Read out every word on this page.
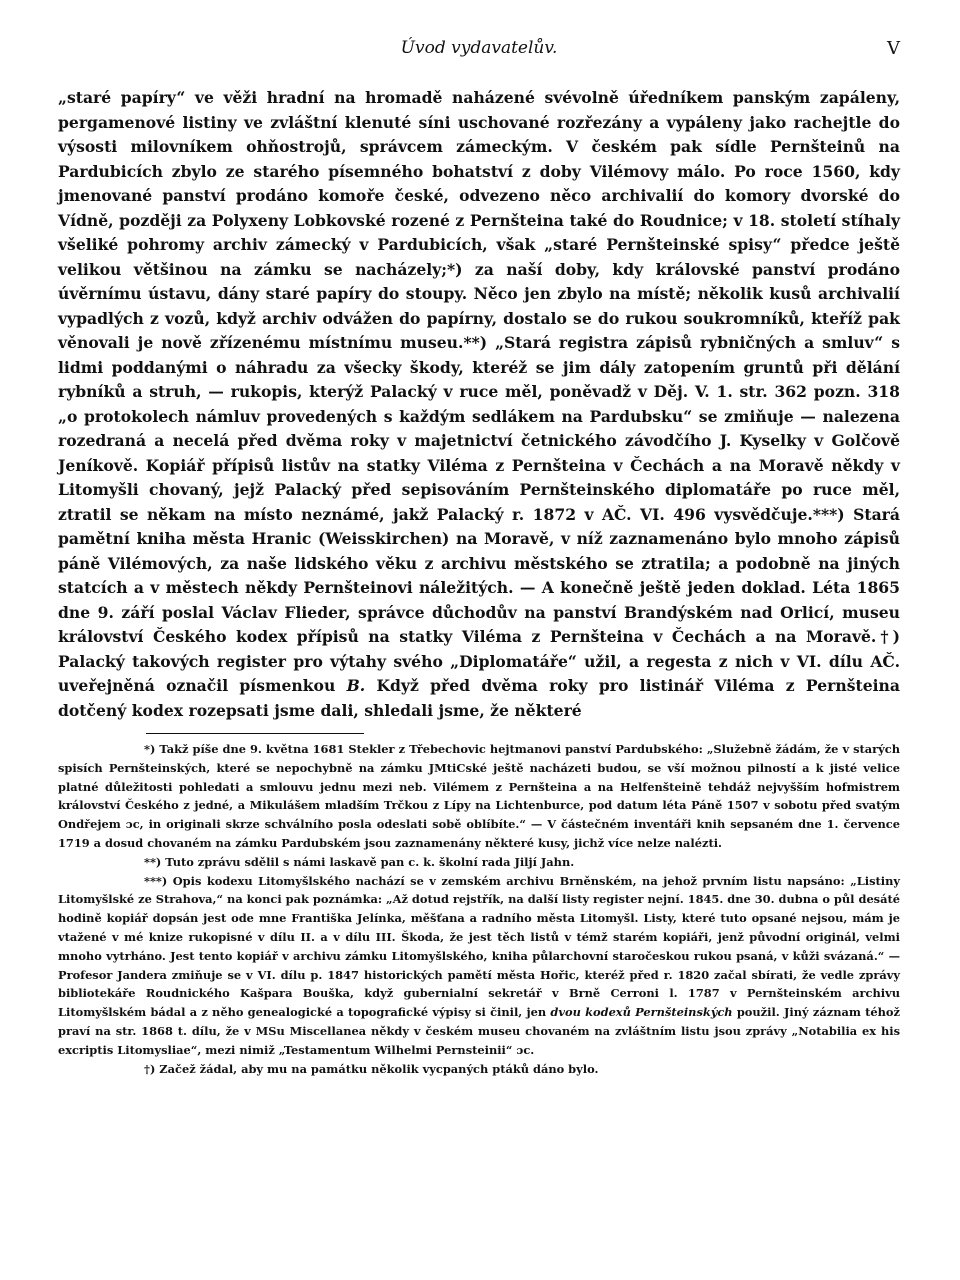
Úvod vydavatelův.	V
„staré papíry“ ve věži hradní na hromadě naházené svévolně úředníkem panským zapáleny, pergamenové listiny ve zvláštní klenuté síni uschované rozřezány a vypáleny jako rachejtle do výsosti milovníkem ohňostrojů, správcem zámeckým. V českém pak sídle Pernšteinů na Pardubicích zbylo ze starého písemného bohatství z doby Vilémovy málo. Po roce 1560, kdy jmenované panství prodáno komoře české, odvezeno něco archivalií do komory dvorské do Vídně, později za Polyxeny Lobkovské rozené z Pernšteina také do Roudnice; v 18. století stíhaly všeliké pohromy archiv zámecký v Pardubicích, však „staré Pernšteinské spisy“ předce ještě velikou většinou na zámku se nacházely;*) za naší doby, kdy královské panství prodáno úvěrnímu ústavu, dány staré papíry do stoupy. Něco jen zbylo na místě; několik kusů archivalií vypadlých z vozů, když archiv odvážen do papírny, dostalo se do rukou soukromníků, kteříž pak věnovali je nově zřízenému místnímu museu.**) „Stará registra zápisů rybničných a smluv“ s lidmi poddanými o náhradu za všecky škody, kteréž se jim dály zatopením gruntů při dělání rybníků a struh, — rukopis, kterýž Palacký v ruce měl, poněvadž v Děj. V. 1. str. 362 pozn. 318 „o protokolech námluv provedených s každým sedlákem na Pardubsku“ se zmiňuje — nalezena rozedraná a necelá před dvěma roky v majetnictví četnického závodčího J. Kyselky v Golčově Jeníkově. Kopiář přípisů listův na statky Viléma z Pernšteina v Čechách a na Moravě někdy v Litomyšli chovaný, jejž Palacký před sepisováním Pernšteinského diplomatáře po ruce měl, ztratil se někam na místo neznámé, jakž Palacký r. 1872 v AČ. VI. 496 vysvědčuje.***) Stará pamětní kniha města Hranic (Weisskirchen) na Moravě, v níž zaznamenáno bylo mnoho zápisů páně Vilémových, za naše lidského věku z archivu městského se ztratila; a podobně na jiných statcích a v městech někdy Pernšteinovi náležitých. — A konečně ještě jeden doklad. Léta 1865 dne 9. září poslal Václav Flieder, správce důchodův na panství Brandýském nad Orlicí, museu království Českého kodex přípisů na statky Viléma z Pernšteina v Čechách a na Moravě.†) Palacký takových register pro výtahy svého „Diplomatáře“ užil, a regesta z nich v VI. dílu AČ. uveřejněná označil písmenkou B. Když před dvěma roky pro listinář Viléma z Pernšteina dotčený kodex rozepsati jsme dali, shledali jsme, že některé

*) Takž píše dne 9. května 1681 Stekler z Třebechovic hejtmanovi panství Pardubského: „Služebně žádám, že v starých spisích Pernšteinských, které se nepochybně na zámku JMtiCské ještě nacházeti budou, se vší možnou pilností a k jisté velice platné důležitosti pohledati a smlouvu jednu mezi neb. Vilémem z Pernšteina a na Helfenšteině tehdáž nejvyšším hofmistrem království Českého z jedné, a Mikulášem mladším Trčkou z Lípy na Lichtenburce, pod datum léta Páně 1507 v sobotu před svatým Ondřejem ɔc, in originali skrze schválního posla odeslati sobě oblíbíte.“ — V částečném inventáři knih sepsaném dne 1. července 1719 a dosud chovaném na zámku Pardubském jsou zaznamenány některé kusy, jichž více nelze nalézti.

**) Tuto zprávu sdělil s námi laskavě pan c. k. školní rada Jiljí Jahn.

***) Opis kodexu Litomyšlského nachází se v zemském archivu Brněnském, na jehož prvním listu napsáno: „Listiny Litomyšlské ze Strahova,“ na konci pak poznámka: „Až dotud rejstřík, na další listy register nejní. 1845. dne 30. dubna o půl desáté hodině kopiář dopsán jest ode mne Františka Jelínka, měšťana a radního města Litomyšl. Listy, které tuto opsané nejsou, mám je vtažené v mé knize rukopisné v dílu II. a v dílu III. Škoda, že jest těch listů v témž starém kopiáři, jenž původní originál, velmi mnoho vytrháno. Jest tento kopiář v archivu zámku Litomyšlského, kniha půlarchovní staročeskou rukou psaná, v kůži svázaná.“ — Profesor Jandera zmiňuje se v VI. dílu p. 1847 historických pamětí města Hořic, kteréž před r. 1820 začal sbírati, že vedle zprávy bibliotekáře Roudnického Kašpara Bouška, když gubernialní sekretář v Brně Cerroni l. 1787 v Pernšteinském archivu Litomyšlském bádal a z něho genealogické a topografické výpisy si činil, jen dvou kodexů Pernšteinských použil. Jiný záznam téhož praví na str. 1868 t. dílu, že v MSu Miscellanea někdy v českém museu chovaném na zvláštním listu jsou zprávy „Notabilia ex his excriptis Litomysliae“, mezi nimiž „Testamentum Wilhelmi Pernsteinii“ ɔc.

†) Začež žádal, aby mu na památku několik vycpaných ptáků dáno bylo.
